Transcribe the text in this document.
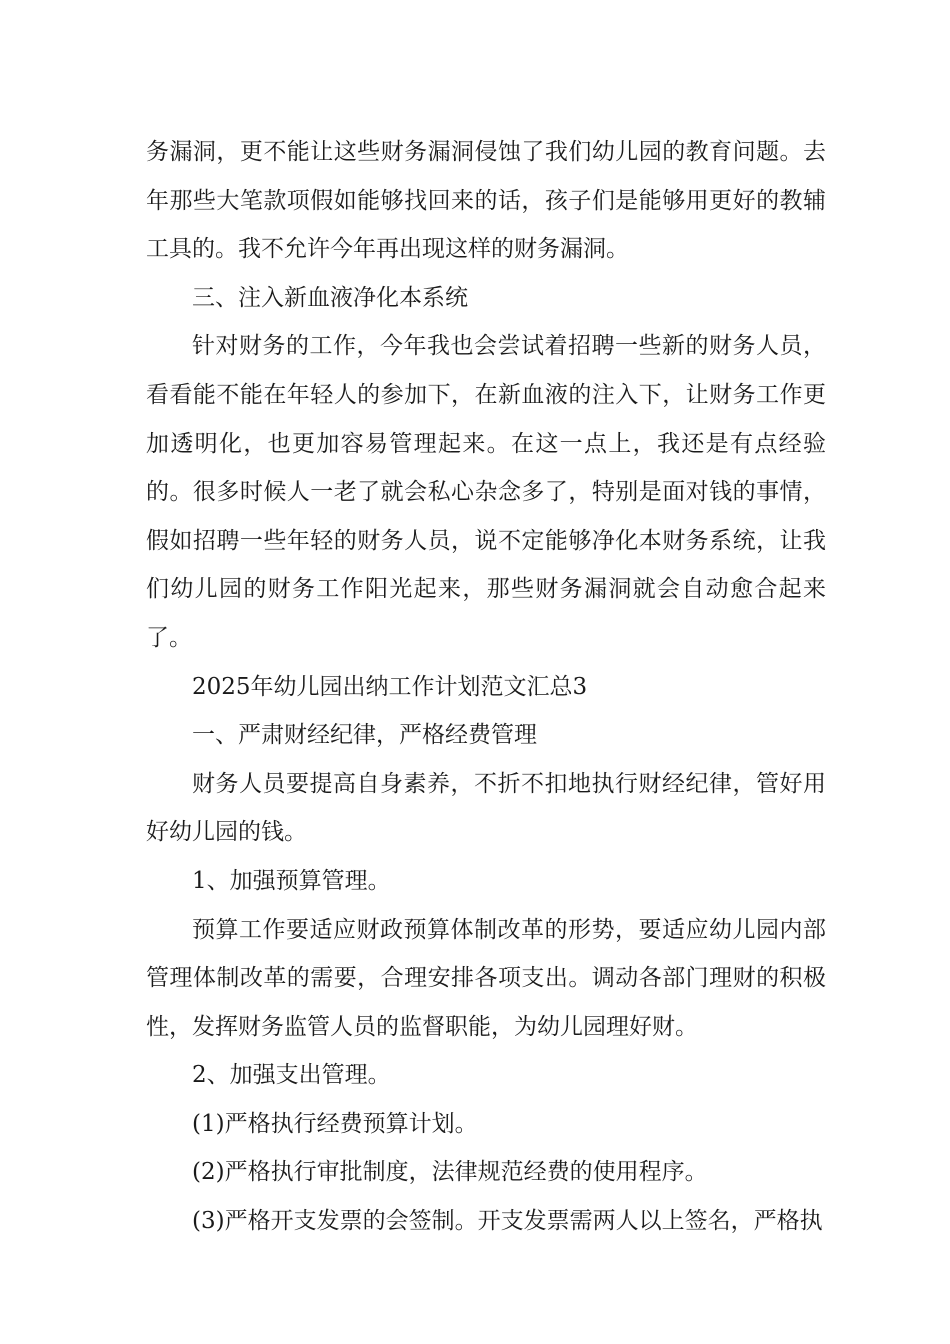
务漏洞，更不能让这些财务漏洞侵蚀了我们幼儿园的教育问题。去年那些大笔款项假如能够找回来的话，孩子们是能够用更好的教辅工具的。我不允许今年再出现这样的财务漏洞。

三、注入新血液净化本系统

针对财务的工作，今年我也会尝试着招聘一些新的财务人员，看看能不能在年轻人的参加下，在新血液的注入下，让财务工作更加透明化，也更加容易管理起来。在这一点上，我还是有点经验的。很多时候人一老了就会私心杂念多了，特别是面对钱的事情，假如招聘一些年轻的财务人员，说不定能够净化本财务系统，让我们幼儿园的财务工作阳光起来，那些财务漏洞就会自动愈合起来了。

2025年幼儿园出纳工作计划范文汇总3

一、严肃财经纪律，严格经费管理

财务人员要提高自身素养，不折不扣地执行财经纪律，管好用好幼儿园的钱。

1、加强预算管理。

预算工作要适应财政预算体制改革的形势，要适应幼儿园内部管理体制改革的需要，合理安排各项支出。调动各部门理财的积极性，发挥财务监管人员的监督职能，为幼儿园理好财。

2、加强支出管理。

(1)严格执行经费预算计划。

(2)严格执行审批制度，法律规范经费的使用程序。

(3)严格开支发票的会签制。开支发票需两人以上签名，严格执
